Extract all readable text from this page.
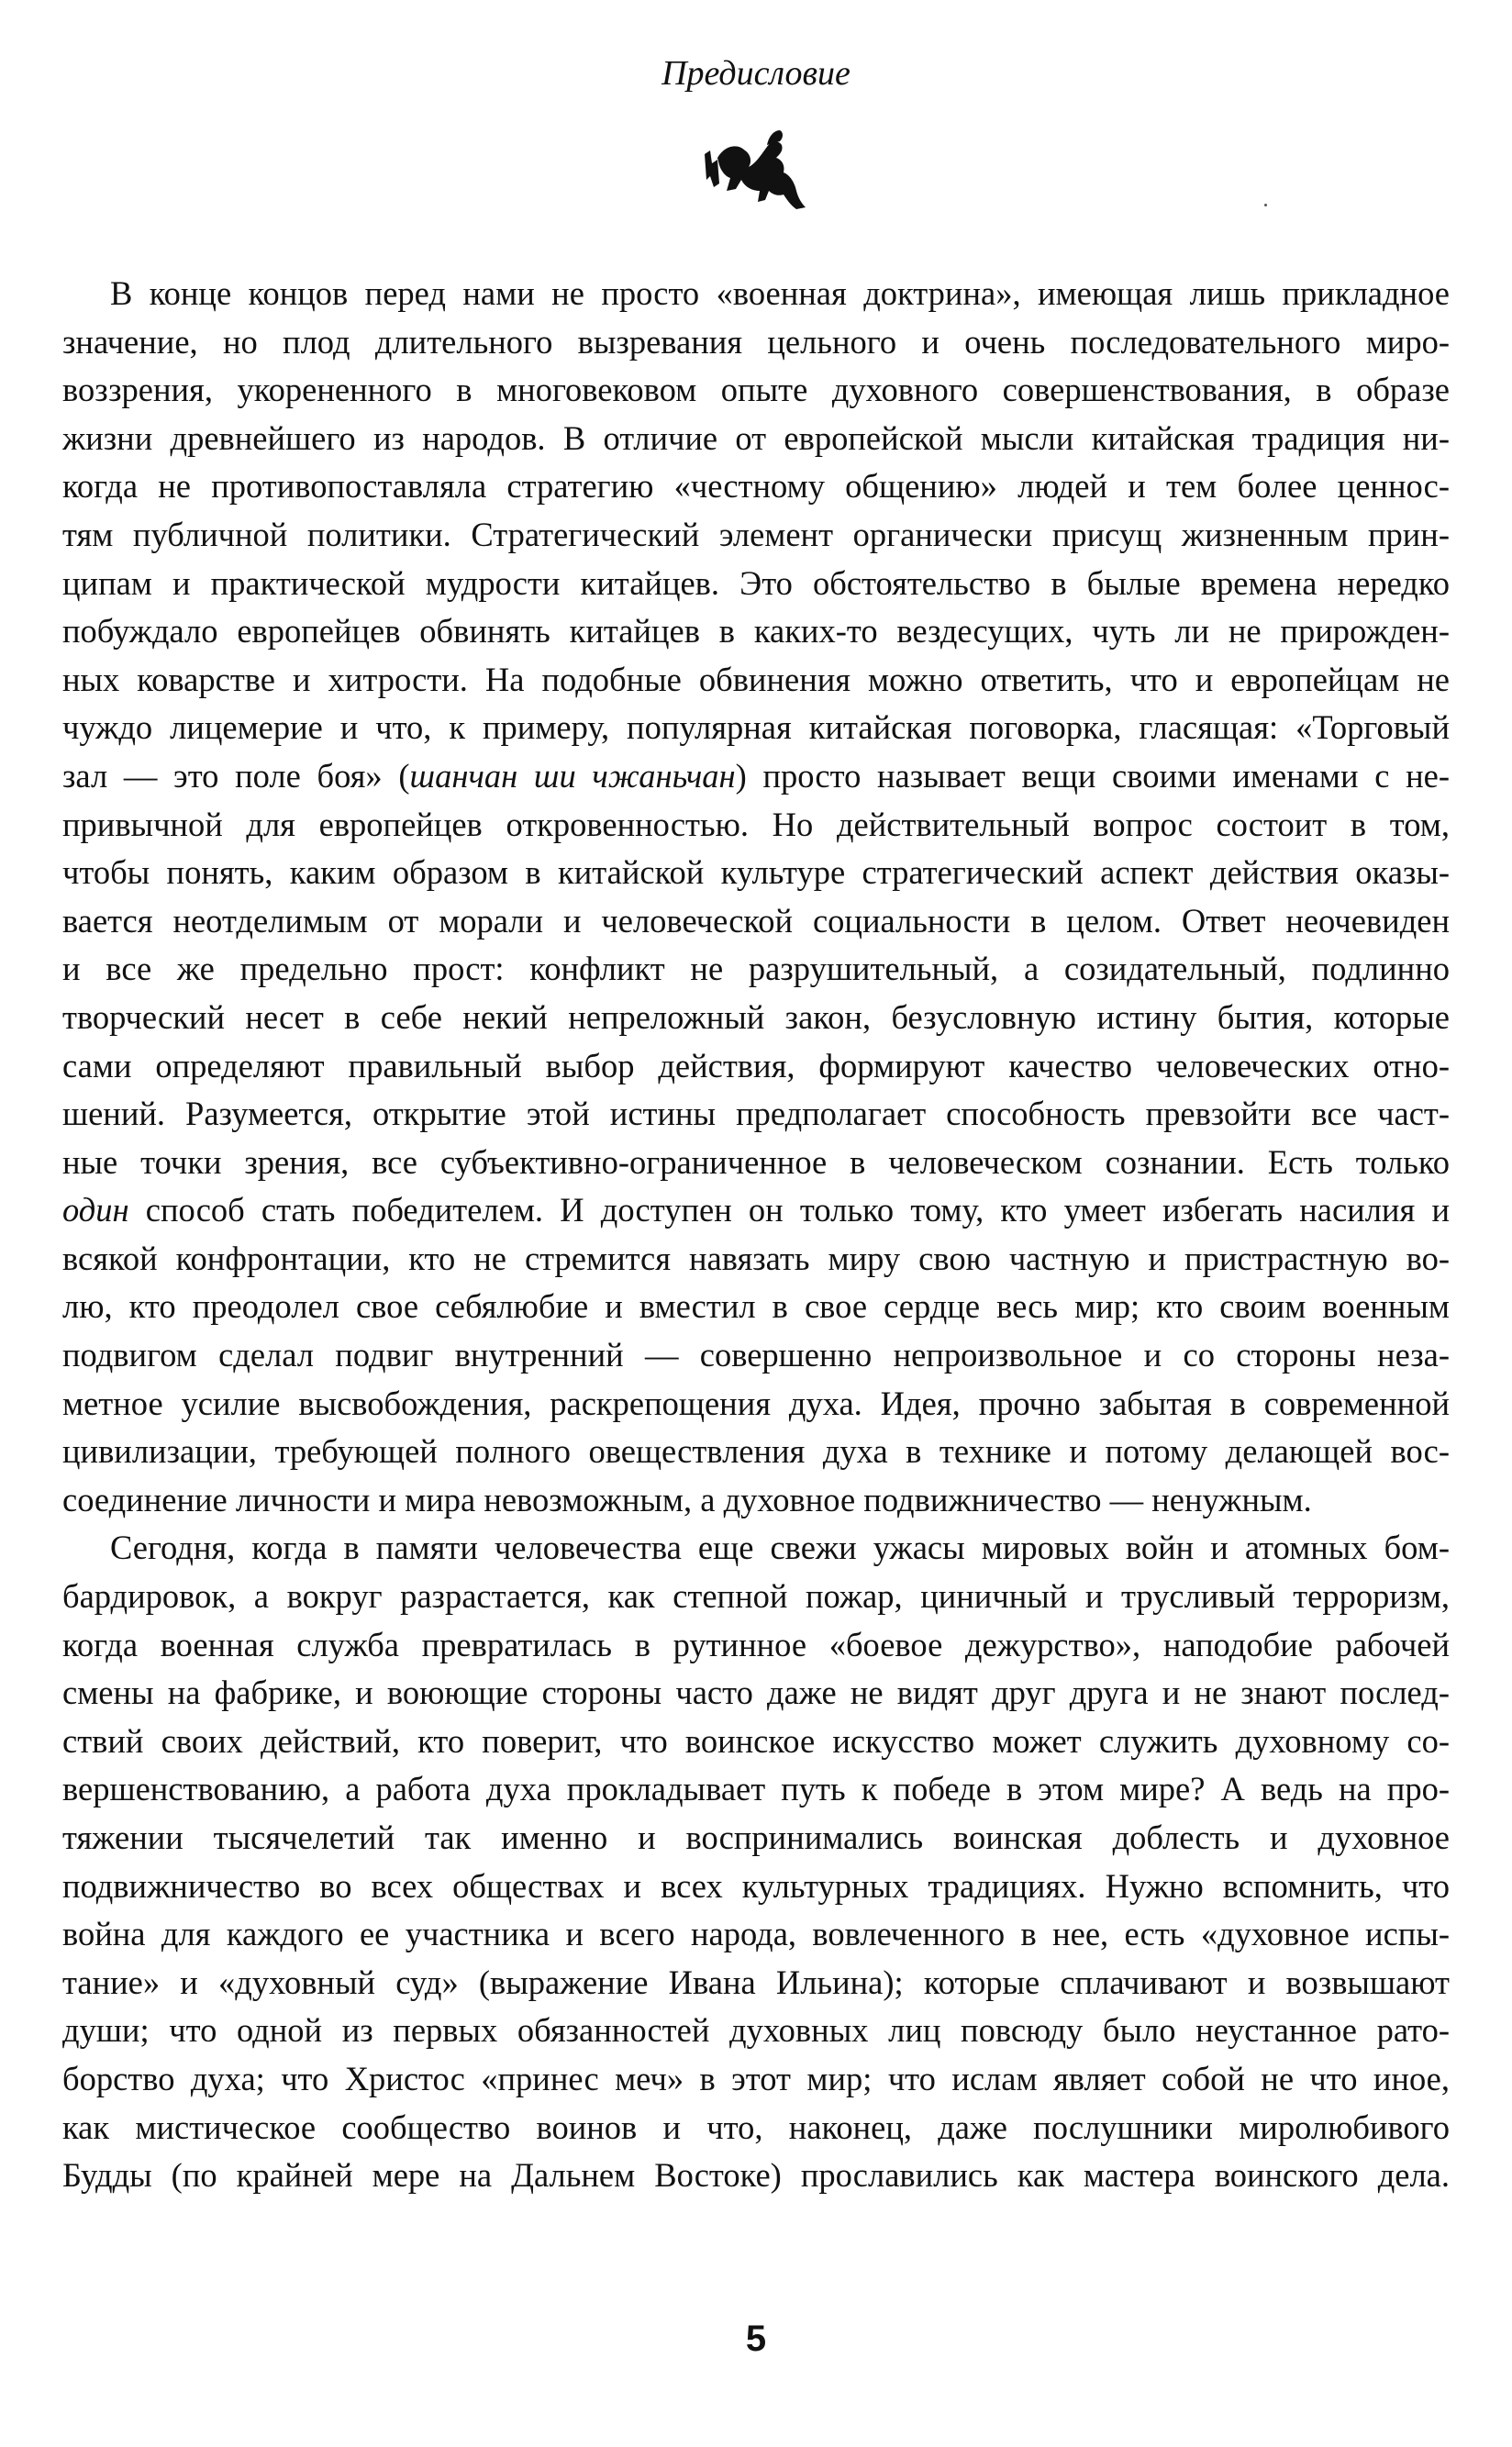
Предисловие

В конце концов перед нами не просто «военная доктрина», имеющая лишь прикладное
значение, но плод длительного вызревания цельного и очень последовательного миро-
воззрения, укорененного в многовековом опыте духовного совершенствования, в образе
жизни древнейшего из народов. В отличие от европейской мысли китайская традиция ни-
когда не противопоставляла стратегию «честному общению» людей и тем более ценнос-
тям публичной политики. Стратегический элемент органически присущ жизненным прин-
ципам и практической мудрости китайцев. Это обстоятельство в былые времена нередко
побуждало европейцев обвинять китайцев в каких-то вездесущих, чуть ли не прирожден-
ных коварстве и хитрости. На подобные обвинения можно ответить, что и европейцам не
чуждо лицемерие и что, к примеру, популярная китайская поговорка, гласящая: «Торговый
зал — это поле боя» (шанчан ши чжаньчан) просто называет вещи своими именами с не-
привычной для европейцев откровенностью. Но действительный вопрос состоит в том,
чтобы понять, каким образом в китайской культуре стратегический аспект действия оказы-
вается неотделимым от морали и человеческой социальности в целом. Ответ неочевиден
и все же предельно прост: конфликт не разрушительный, а созидательный, подлинно
творческий несет в себе некий непреложный закон, безусловную истину бытия, которые
сами определяют правильный выбор действия, формируют качество человеческих отно-
шений. Разумеется, открытие этой истины предполагает способность превзойти все част-
ные точки зрения, все субъективно-ограниченное в человеческом сознании. Есть только
один способ стать победителем. И доступен он только тому, кто умеет избегать насилия и
всякой конфронтации, кто не стремится навязать миру свою частную и пристрастную во-
лю, кто преодолел свое себялюбие и вместил в свое сердце весь мир; кто своим военным
подвигом сделал подвиг внутренний — совершенно непроизвольное и со стороны неза-
метное усилие высвобождения, раскрепощения духа. Идея, прочно забытая в современной
цивилизации, требующей полного овеществления духа в технике и потому делающей вос-
соединение личности и мира невозможным, а духовное подвижничество — ненужным.

Сегодня, когда в памяти человечества еще свежи ужасы мировых войн и атомных бом-
бардировок, а вокруг разрастается, как степной пожар, циничный и трусливый терроризм,
когда военная служба превратилась в рутинное «боевое дежурство», наподобие рабочей
смены на фабрике, и воюющие стороны часто даже не видят друг друга и не знают послед-
ствий своих действий, кто поверит, что воинское искусство может служить духовному со-
вершенствованию, а работа духа прокладывает путь к победе в этом мире? А ведь на про-
тяжении тысячелетий так именно и воспринимались воинская доблесть и духовное
подвижничество во всех обществах и всех культурных традициях. Нужно вспомнить, что
война для каждого ее участника и всего народа, вовлеченного в нее, есть «духовное испы-
тание» и «духовный суд» (выражение Ивана Ильина); которые сплачивают и возвышают
души; что одной из первых обязанностей духовных лиц повсюду было неустанное рато-
борство духа; что Христос «принес меч» в этот мир; что ислам являет собой не что иное,
как мистическое сообщество воинов и что, наконец, даже послушники миролюбивого
Будды (по крайней мере на Дальнем Востоке) прославились как мастера воинского дела.

5
